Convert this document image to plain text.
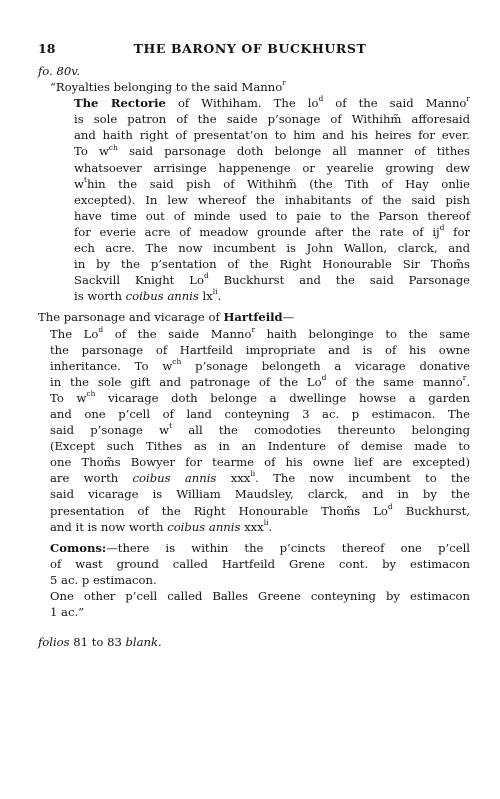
18	THE BARONY OF BUCKHURST
fo. 80v.
“Royalties belonging to the said Manno$^r$
The Rectorie of Withiham. The $lo^d$ of the said Manno$^r$
is sole patron of the saide p’sonage of Withihm̃ afforesaid
and haith right of presentat’on to him and his heires for ever.
To $w^{ch}$ said parsonage doth belonge all manner of tithes
whatsoever arrisinge happenenge or yearelie growing dew
$w^thin$ the said pish of Withihm̃ (the Tith of Hay onlie
excepted). In lew whereof the inhabitants of the said pish
have time out of minde used to paie to the Parson thereof
for everie acre of meadow grounde after the rate of $ij^d$ for
ech acre. The now incumbent is John Wallon, clarck, and
in by the p’sentation of the Right Honourable Sir Thom̃s
Sackvill Knight Lo$^d$ Buckhurst and the said Parsonage
is worth coibus annis $lx^{li}$.
The parsonage and vicarage of Hartfeild—
The Lo$^d$ of the saide Manno$^r$ haith belonginge to the same
the parsonage of Hartfeild impropriate and is of his owne
inheritance. To $w^{ch}$ p’sonage belongeth a vicarage donative
in the sole gift and patronage of the Lo$^d$ of the same manno$^r$.
To $w^{ch}$ vicarage doth belonge a dwellinge howse a garden
and one p’cell of land conteyning 3 ac. p estimacon. The
said p’sonage $w^t$ all the comodoties thereunto belonging
(Except such Tithes as in an Indenture of demise made to
one Thom̃s Bowyer for tearme of his owne lief are excepted)
are worth coibus annis xxx$^{li}$. The now incumbent to the
said vicarage is William Maudsley, clarck, and in by the
presentation of the Right Honourable Thom̃s Lo$^d$ Buckhurst,
and it is now worth coibus annis xxx$^{li}$.
Comons:—there is within the p’cincts thereof one p’cell
of wast ground called Hartfeild Grene cont. by estimacon
5 ac. p estimacon.
One other p’cell called Balles Greene conteyning by estimacon
1 ac.”
folios 81 to 83 blank.
